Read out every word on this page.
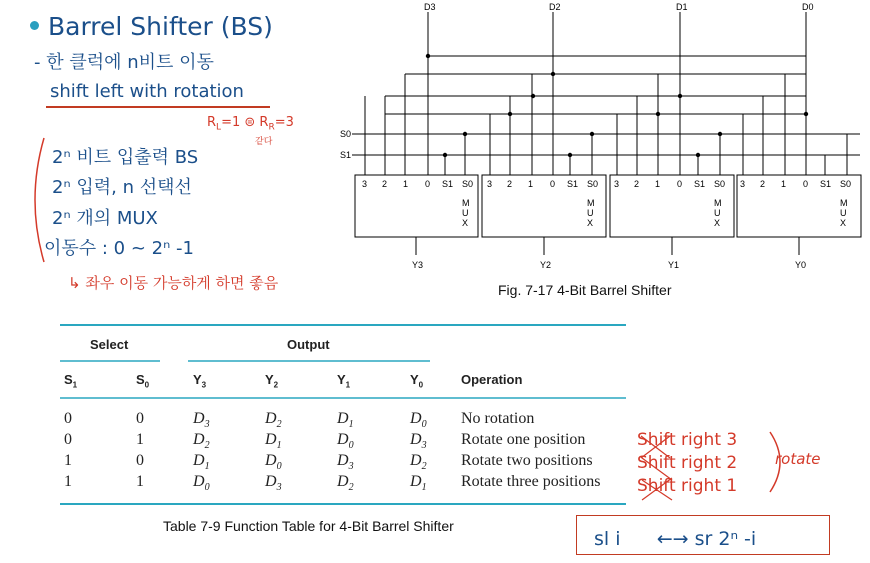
Barrel Shifter (BS)
- 한 클럭에 n비트 이동
shift left with rotation
2ⁿ 비트 입출력 BS
2ⁿ 입력, n 선택선
2ⁿ 개의 MUX
이동수 : 0 ~ 2ⁿ -1
$R_L=1$ ⊜ $R_R=3$
같다
↳ 좌우 이동 가능하게 하면 좋음
D3	D2	D1	D0
S0
S1
Y3	Y2	Y1	Y0
3 2 1 0 S1 S0
M
U
X
3 2 1 0 S1 S0
M
U
X
3 2 1 0 S1 S0
M
U
X
3 2 1 0 S1 S0
M
U
X
Fig. 7-17 4-Bit Barrel Shifter
Select	Output
$S_1$	$S_0$	$Y_3$	$Y_2$	$Y_1$	$Y_0$	Operation
0	0	$D_3$	$D_2$	$D_1$	$D_0$ No rotation
0	1	$D_2$	$D_1$	$D_0$	$D_3$ Rotate one position
1	0	$D_1$	$D_0$	$D_3$	$D_2$ Rotate two positions
1	1	$D_0$	$D_3$	$D_2$	$D_1$ Rotate three positions
Table 7-9 Function Table for 4-Bit Barrel Shifter
Shift right 3
Shift right 2
Shift right 1
rotate
sl i      ←→ sr 2ⁿ -i
